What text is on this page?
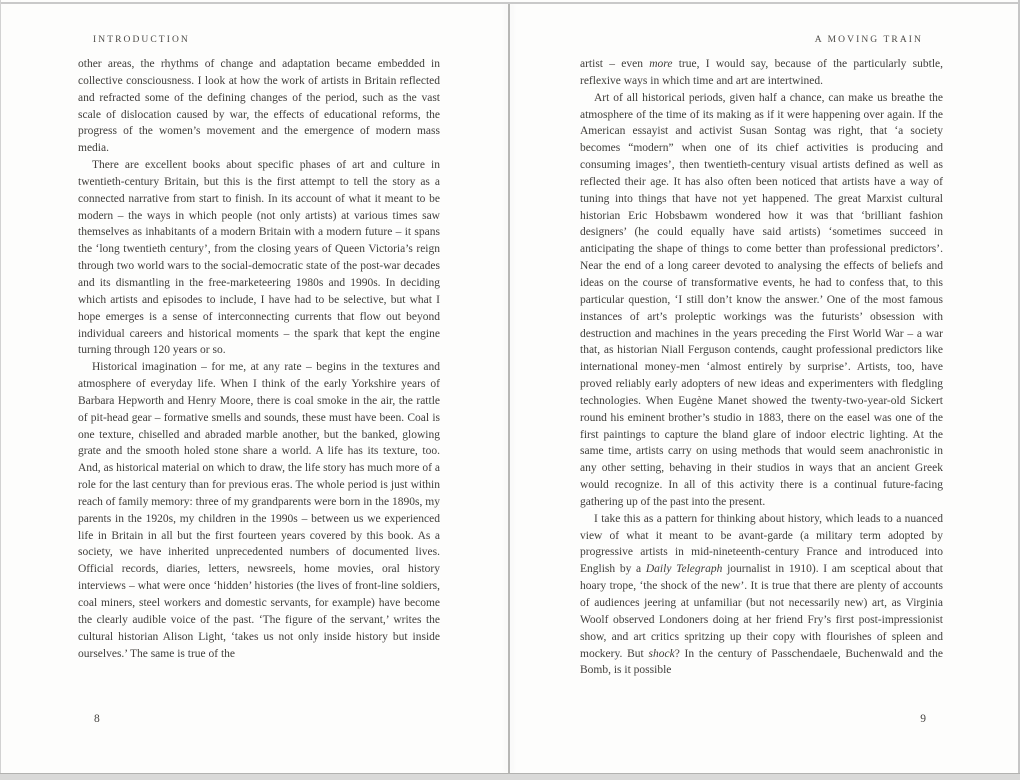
INTRODUCTION

other areas, the rhythms of change and adaptation became embedded in collective consciousness. I look at how the work of artists in Britain reflected and refracted some of the defining changes of the period, such as the vast scale of dislocation caused by war, the effects of educational reforms, the progress of the women’s movement and the emergence of modern mass media.

There are excellent books about specific phases of art and culture in twentieth-century Britain, but this is the first attempt to tell the story as a connected narrative from start to finish. In its account of what it meant to be modern – the ways in which people (not only artists) at various times saw themselves as inhabitants of a modern Britain with a modern future – it spans the ‘long twentieth century’, from the closing years of Queen Victoria’s reign through two world wars to the social-democratic state of the post-war decades and its dismantling in the free-marketeering 1980s and 1990s. In deciding which artists and episodes to include, I have had to be selective, but what I hope emerges is a sense of interconnecting currents that flow out beyond individual careers and historical moments – the spark that kept the engine turning through 120 years or so.

Historical imagination – for me, at any rate – begins in the textures and atmosphere of everyday life. When I think of the early Yorkshire years of Barbara Hepworth and Henry Moore, there is coal smoke in the air, the rattle of pit-head gear – formative smells and sounds, these must have been. Coal is one texture, chiselled and abraded marble another, but the banked, glowing grate and the smooth holed stone share a world. A life has its texture, too. And, as historical material on which to draw, the life story has much more of a role for the last century than for previous eras. The whole period is just within reach of family memory: three of my grandparents were born in the 1890s, my parents in the 1920s, my children in the 1990s – between us we experienced life in Britain in all but the first fourteen years covered by this book. As a society, we have inherited unprecedented numbers of documented lives. Official records, diaries, letters, newsreels, home movies, oral history interviews – what were once ‘hidden’ histories (the lives of front-line soldiers, coal miners, steel workers and domestic servants, for example) have become the clearly audible voice of the past. ‘The figure of the servant,’ writes the cultural historian Alison Light, ‘takes us not only inside history but inside ourselves.’ The same is true of the

8
A MOVING TRAIN

artist – even more true, I would say, because of the particularly subtle, reflexive ways in which time and art are intertwined.

Art of all historical periods, given half a chance, can make us breathe the atmosphere of the time of its making as if it were happening over again. If the American essayist and activist Susan Sontag was right, that ‘a society becomes “modern” when one of its chief activities is producing and consuming images’, then twentieth-century visual artists defined as well as reflected their age. It has also often been noticed that artists have a way of tuning into things that have not yet happened. The great Marxist cultural historian Eric Hobsbawm wondered how it was that ‘brilliant fashion designers’ (he could equally have said artists) ‘sometimes succeed in anticipating the shape of things to come better than professional predictors’. Near the end of a long career devoted to analysing the effects of beliefs and ideas on the course of transformative events, he had to confess that, to this particular question, ‘I still don’t know the answer.’ One of the most famous instances of art’s proleptic workings was the futurists’ obsession with destruction and machines in the years preceding the First World War – a war that, as historian Niall Ferguson contends, caught professional predictors like international money-men ‘almost entirely by surprise’. Artists, too, have proved reliably early adopters of new ideas and experimenters with fledgling technologies. When Eugène Manet showed the twenty-two-year-old Sickert round his eminent brother’s studio in 1883, there on the easel was one of the first paintings to capture the bland glare of indoor electric lighting. At the same time, artists carry on using methods that would seem anachronistic in any other setting, behaving in their studios in ways that an ancient Greek would recognize. In all of this activity there is a continual future-facing gathering up of the past into the present.

I take this as a pattern for thinking about history, which leads to a nuanced view of what it meant to be avant-garde (a military term adopted by progressive artists in mid-nineteenth-century France and introduced into English by a Daily Telegraph journalist in 1910). I am sceptical about that hoary trope, ‘the shock of the new’. It is true that there are plenty of accounts of audiences jeering at unfamiliar (but not necessarily new) art, as Virginia Woolf observed Londoners doing at her friend Fry’s first post-impressionist show, and art critics spritzing up their copy with flourishes of spleen and mockery. But shock? In the century of Passchendaele, Buchenwald and the Bomb, is it possible

9
